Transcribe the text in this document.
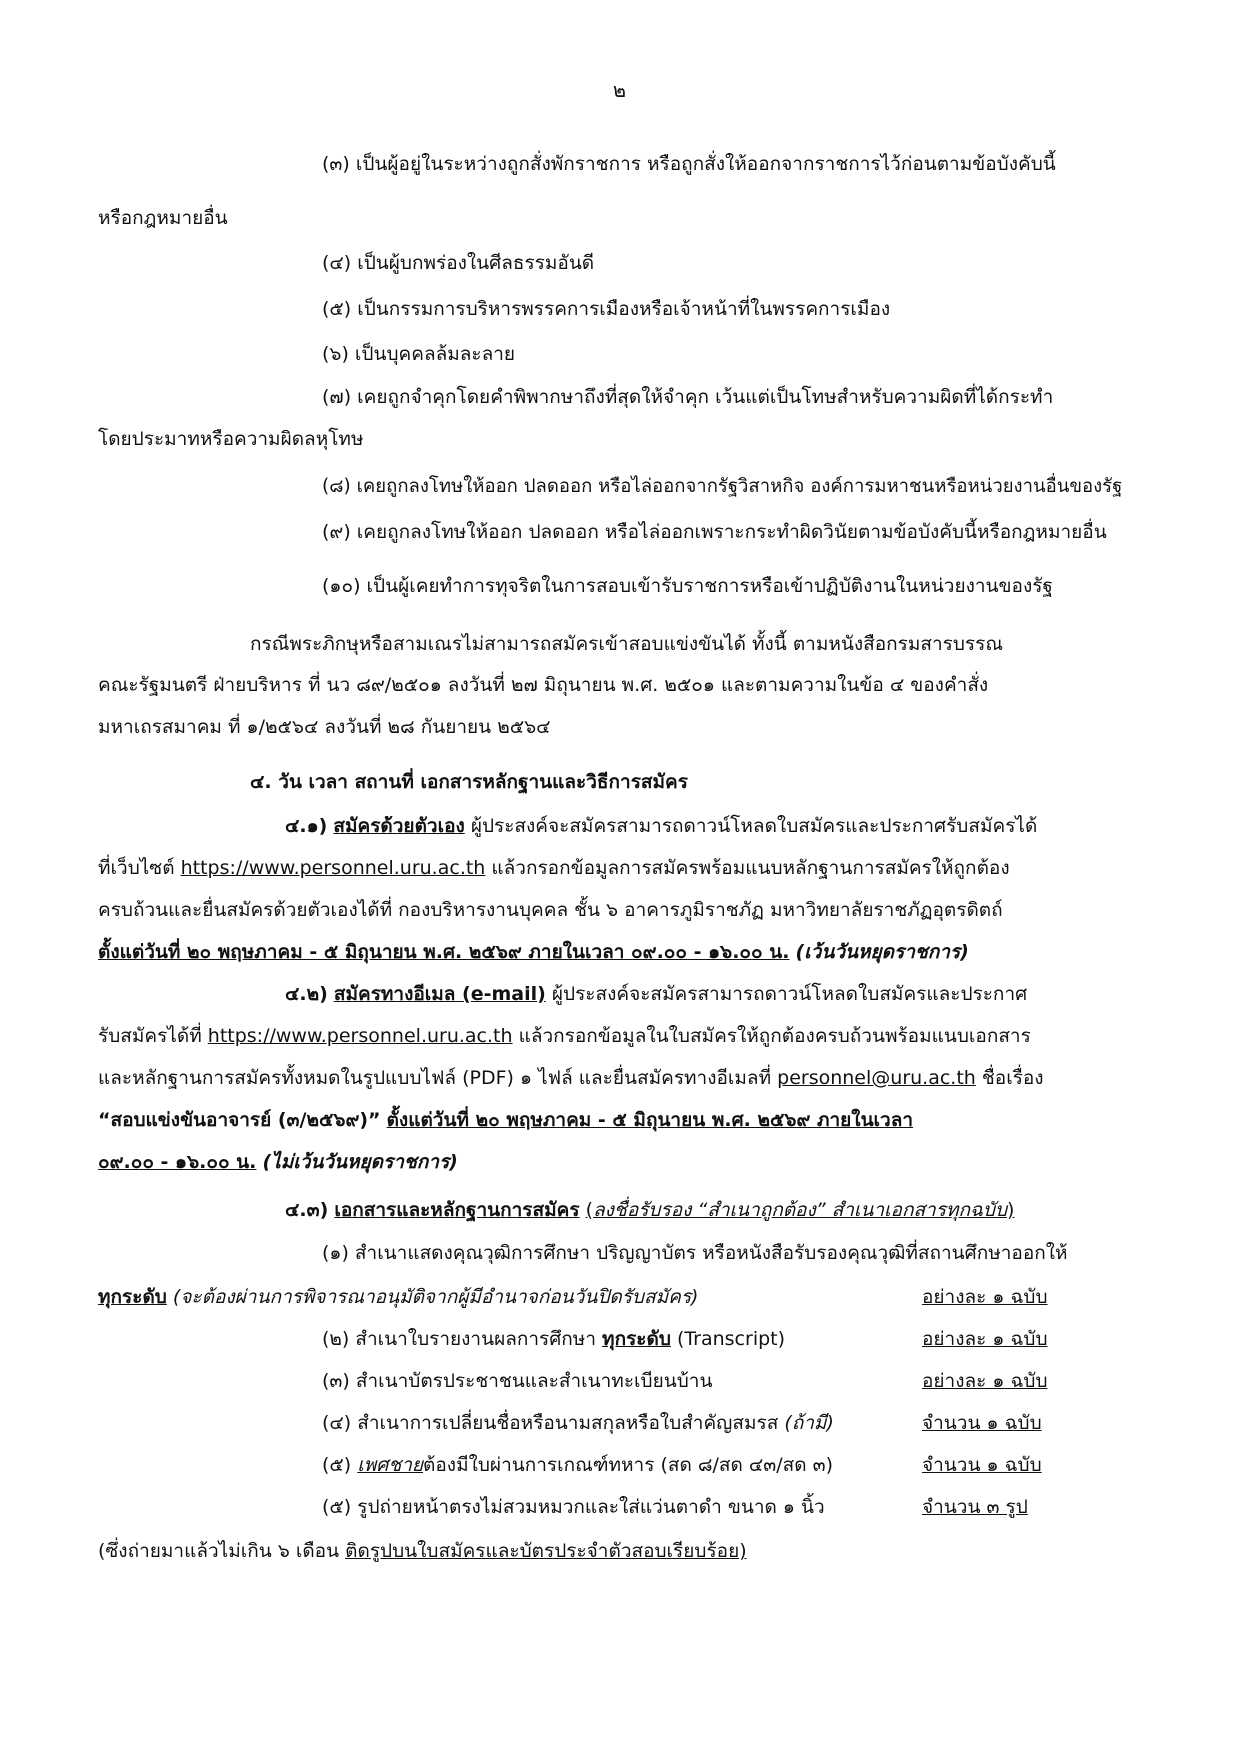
๒
(๓) เป็นผู้อยู่ในระหว่างถูกสั่งพักราชการ หรือถูกสั่งให้ออกจากราชการไว้ก่อนตามข้อบังคับนี้
หรือกฎหมายอื่น
(๔) เป็นผู้บกพร่องในศีลธรรมอันดี
(๕) เป็นกรรมการบริหารพรรคการเมืองหรือเจ้าหน้าที่ในพรรคการเมือง
(๖) เป็นบุคคลล้มละลาย
(๗) เคยถูกจำคุกโดยคำพิพากษาถึงที่สุดให้จำคุก เว้นแต่เป็นโทษสำหรับความผิดที่ได้กระทำ
โดยประมาทหรือความผิดลหุโทษ
(๘) เคยถูกลงโทษให้ออก ปลดออก หรือไล่ออกจากรัฐวิสาหกิจ องค์การมหาชนหรือหน่วยงานอื่นของรัฐ
(๙) เคยถูกลงโทษให้ออก ปลดออก หรือไล่ออกเพราะกระทำผิดวินัยตามข้อบังคับนี้หรือกฎหมายอื่น
(๑๐) เป็นผู้เคยทำการทุจริตในการสอบเข้ารับราชการหรือเข้าปฏิบัติงานในหน่วยงานของรัฐ
กรณีพระภิกษุหรือสามเณรไม่สามารถสมัครเข้าสอบแข่งขันได้ ทั้งนี้ ตามหนังสือกรมสารบรรณ
คณะรัฐมนตรี ฝ่ายบริหาร ที่ นว ๘๙/๒๕๐๑ ลงวันที่ ๒๗ มิถุนายน พ.ศ. ๒๕๐๑ และตามความในข้อ ๔ ของคำสั่ง
มหาเถรสมาคม ที่ ๑/๒๕๖๔ ลงวันที่ ๒๘ กันยายน ๒๕๖๔
๔. วัน เวลา สถานที่ เอกสารหลักฐานและวิธีการสมัคร
๔.๑) สมัครด้วยตัวเอง ผู้ประสงค์จะสมัครสามารถดาวน์โหลดใบสมัครและประกาศรับสมัครได้
ที่เว็บไซต์ https://www.personnel.uru.ac.th แล้วกรอกข้อมูลการสมัครพร้อมแนบหลักฐานการสมัครให้ถูกต้อง
ครบถ้วนและยื่นสมัครด้วยตัวเองได้ที่ กองบริหารงานบุคคล ชั้น ๖ อาคารภูมิราชภัฏ มหาวิทยาลัยราชภัฏอุตรดิตถ์
ตั้งแต่วันที่ ๒๐ พฤษภาคม - ๕ มิถุนายน พ.ศ. ๒๕๖๙ ภายในเวลา ๐๙.๐๐ - ๑๖.๐๐ น. (เว้นวันหยุดราชการ)
๔.๒) สมัครทางอีเมล (e-mail) ผู้ประสงค์จะสมัครสามารถดาวน์โหลดใบสมัครและประกาศ
รับสมัครได้ที่ https://www.personnel.uru.ac.th แล้วกรอกข้อมูลในใบสมัครให้ถูกต้องครบถ้วนพร้อมแนบเอกสาร
และหลักฐานการสมัครทั้งหมดในรูปแบบไฟล์ (PDF) ๑ ไฟล์ และยื่นสมัครทางอีเมลที่ personnel@uru.ac.th ชื่อเรื่อง
“สอบแข่งขันอาจารย์ (๓/๒๕๖๙)” ตั้งแต่วันที่ ๒๐ พฤษภาคม - ๕ มิถุนายน พ.ศ. ๒๕๖๙ ภายในเวลา
๐๙.๐๐ - ๑๖.๐๐ น. (ไม่เว้นวันหยุดราชการ)
๔.๓) เอกสารและหลักฐานการสมัคร (ลงชื่อรับรอง “สำเนาถูกต้อง” สำเนาเอกสารทุกฉบับ)
(๑) สำเนาแสดงคุณวุฒิการศึกษา ปริญญาบัตร หรือหนังสือรับรองคุณวุฒิที่สถานศึกษาออกให้
ทุกระดับ (จะต้องผ่านการพิจารณาอนุมัติจากผู้มีอำนาจก่อนวันปิดรับสมัคร)	อย่างละ ๑ ฉบับ
(๒) สำเนาใบรายงานผลการศึกษา ทุกระดับ (Transcript)	อย่างละ ๑ ฉบับ
(๓) สำเนาบัตรประชาชนและสำเนาทะเบียนบ้าน	อย่างละ ๑ ฉบับ
(๔) สำเนาการเปลี่ยนชื่อหรือนามสกุลหรือใบสำคัญสมรส (ถ้ามี)	จำนวน ๑ ฉบับ
(๕) เพศชายต้องมีใบผ่านการเกณฑ์ทหาร (สด ๘/สด ๔๓/สด ๓)	จำนวน ๑ ฉบับ
(๕) รูปถ่ายหน้าตรงไม่สวมหมวกและใส่แว่นตาดำ ขนาด ๑ นิ้ว	จำนวน ๓ รูป
(ซึ่งถ่ายมาแล้วไม่เกิน ๖ เดือน ติดรูปบนใบสมัครและบัตรประจำตัวสอบเรียบร้อย)
